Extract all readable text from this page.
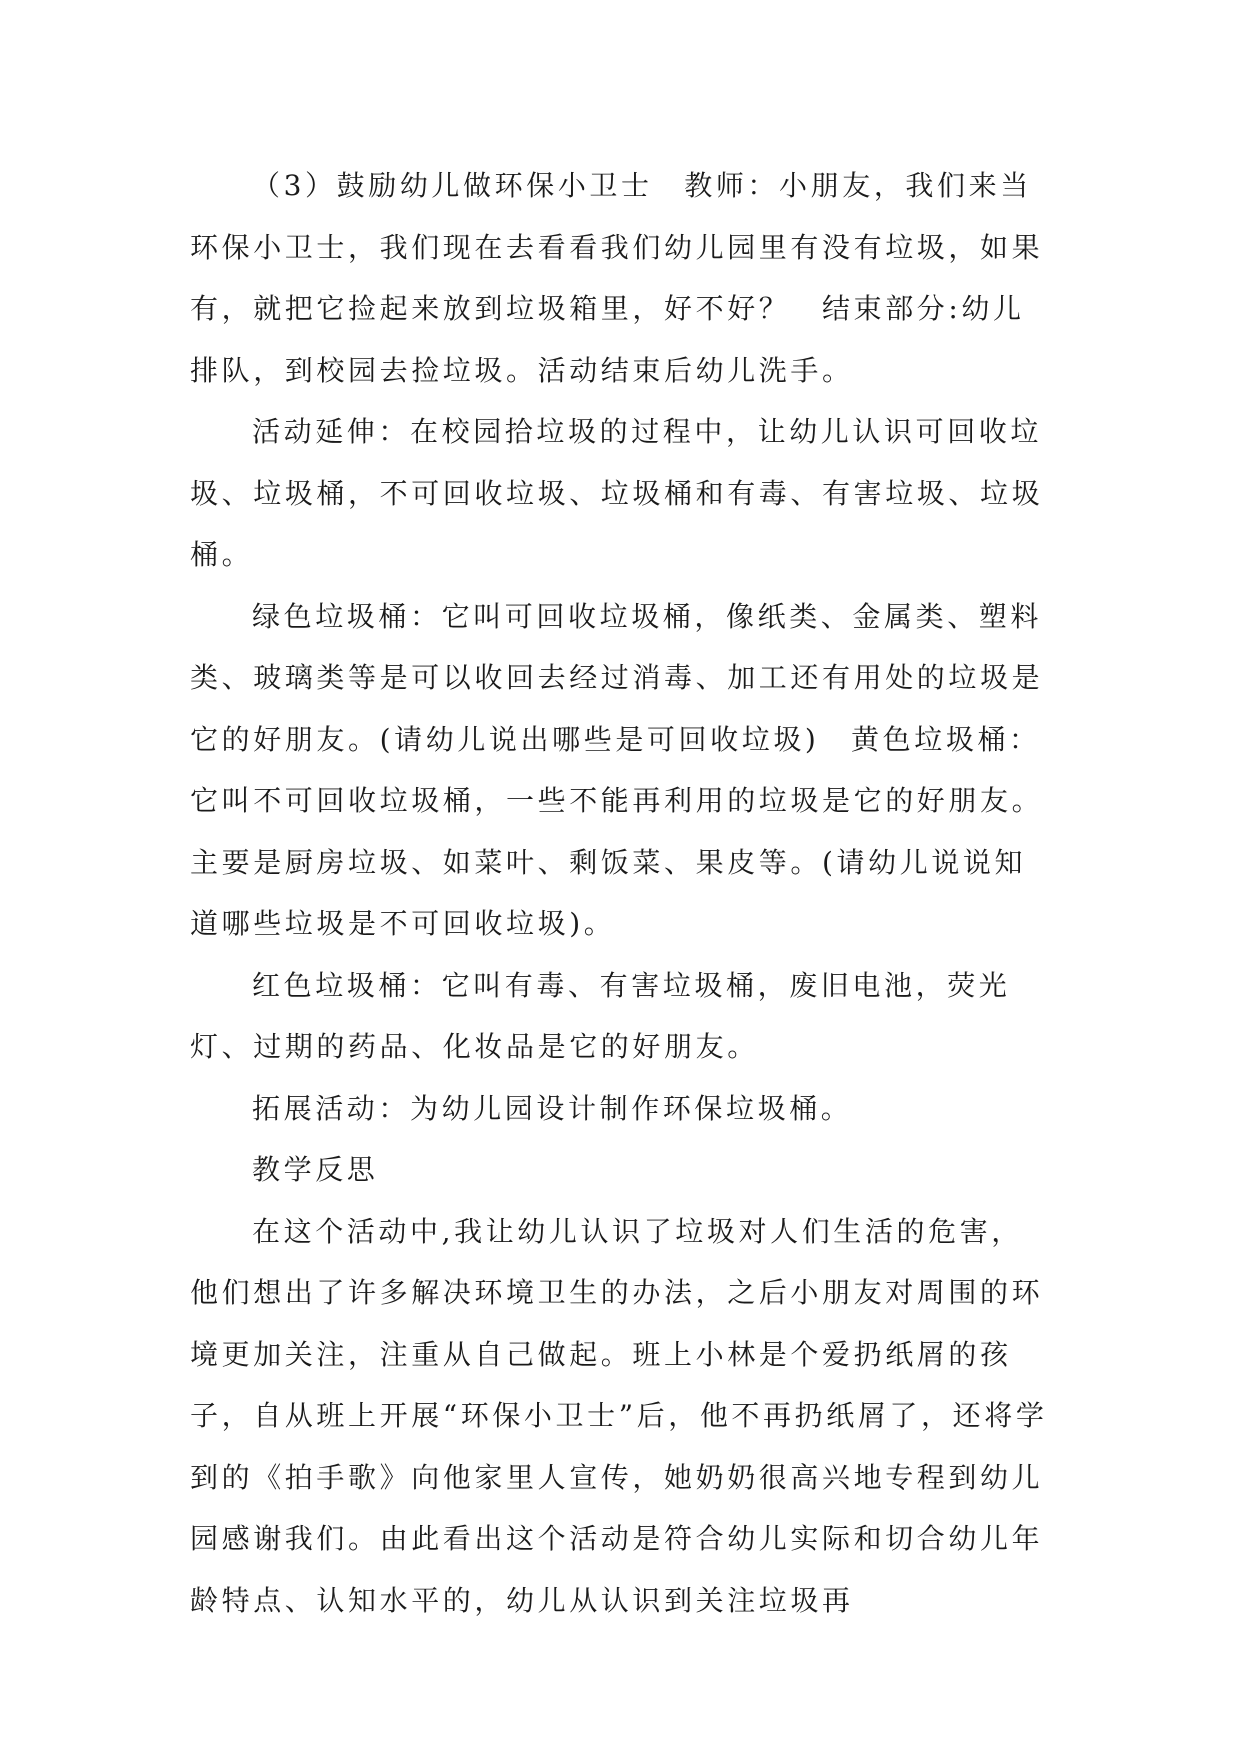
（3）鼓励幼儿做环保小卫士　教师：小朋友，我们来当环保小卫士，我们现在去看看我们幼儿园里有没有垃圾，如果有，就把它捡起来放到垃圾箱里，好不好？　结束部分:幼儿排队，到校园去捡垃圾。活动结束后幼儿洗手。

活动延伸：在校园拾垃圾的过程中，让幼儿认识可回收垃圾、垃圾桶，不可回收垃圾、垃圾桶和有毒、有害垃圾、垃圾桶。

绿色垃圾桶：它叫可回收垃圾桶，像纸类、金属类、塑料类、玻璃类等是可以收回去经过消毒、加工还有用处的垃圾是它的好朋友。(请幼儿说出哪些是可回收垃圾)　黄色垃圾桶：它叫不可回收垃圾桶，一些不能再利用的垃圾是它的好朋友。主要是厨房垃圾、如菜叶、剩饭菜、果皮等。(请幼儿说说知道哪些垃圾是不可回收垃圾)。

红色垃圾桶：它叫有毒、有害垃圾桶，废旧电池，荧光灯、过期的药品、化妆品是它的好朋友。

拓展活动：为幼儿园设计制作环保垃圾桶。

教学反思

在这个活动中,我让幼儿认识了垃圾对人们生活的危害，他们想出了许多解决环境卫生的办法，之后小朋友对周围的环境更加关注，注重从自己做起。班上小林是个爱扔纸屑的孩子，自从班上开展“环保小卫士”后，他不再扔纸屑了，还将学到的《拍手歌》向他家里人宣传，她奶奶很高兴地专程到幼儿园感谢我们。由此看出这个活动是符合幼儿实际和切合幼儿年龄特点、认知水平的，幼儿从认识到关注垃圾再
